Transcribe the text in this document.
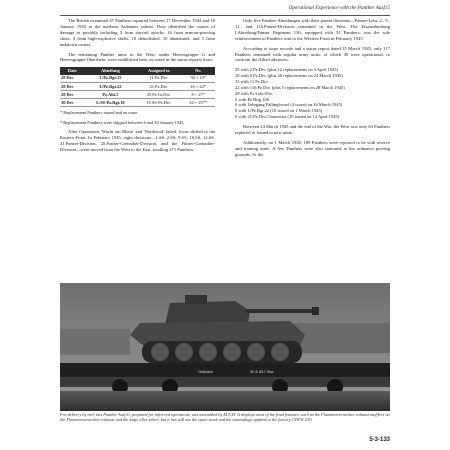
Operational Experience with the Panther Ausf.G

The British examined 47 Panthers captured between 17 December 1944 and 16 January 1945 in the northern Ardennes salient. They identified the causes of damage as possibly including 3 from aircraft attacks, 16 from armour-piercing shots, 3 from high-explosive shells, 10 demolished, 10 abandoned, and 5 from unknown causes.

The remaining Panther units in the West, under Heeresgruppe G and Heeresgruppe Oberrhein, were established here, as noted in the status reports from:

Date	Abteilung	Assigned to	Nr.
28 Dec	I./Pz.Rgt.15	11.Pz.Div.	58 + 10*
28 Dec	I./Pz.Rgt.22	21.Pz.Div.	16 + 22*
28 Dec	Pz.Abt.5	25.Pz.Gr.Div.	8 + 27*
30 Dec	I./SS-Pz.Rgt.10	10.SS-Pz.Div.	34 + 25**
* Replacement Panthers issued and en route.

* Replacement Panthers were shipped between 6 and 10 January 1945.

After Operations 'Wacht am Rhein' and 'Nordwind' failed, focus shifted to the Eastern Front. In February 1945, eight divisions—1.SS, 2.SS, 9.SS, 10.SS, 12.SS, 21.Panzer-Division, 25.Panzer-Grenadier-Division, and the Führer-Grenadier-Division—were moved from the West to the East, totalling 271 Panthers.

Only five Panther-Abteilungen with their parent divisions—Panzer-Lehr, 2., 9., 11., and 116.Panzer-Division—remained in the West. The Ersatzabteilung I.Abteilung/Panzer Regiment 130, equipped with 31 Panthers, was the sole reinforcement of Panthers sent to the Western Front in February 1945.

According to issue records and a status report dated 15 March 1945, only 117 Panthers remained with regular army units, of which 49 were operational, to confront the Allied advances.

35 with 2.Pz.Div. (plus 12 replacements on 3 April 1945)
18 with 9.Pz.Div. (plus 20 replacements on 24 March 1945)
33 with 11.Pz.Div.
22 with 116.Pz.Div. (plus 5 replacements on 28 March 1945)
29 with Pz.Lehr-Div.
5 with Pz.Brig.106
0 with Lehrgang Fallingbostel (4 issued on 16 March 1945)
0 with I./Pz.Rgt.22 (10 issued on 1 March 1945)
0 with 25.Pz.Div.Clausewitz (10 issued on 14 April 1945)

Between 24 March 1945 and the end of the War, the West saw only 63 Panthers replaced or issued to new units.

Additionally, on 1 March 1945, 189 Panthers were reported to be with reserve and training units. A few Panthers were also stationed at the ordnance proving grounds. At the

Ostbahn	30 6 857 Stw
For delivery by rail, this Panther Ausf.G, prepared for infra-red operations, was assembled by M.N.H. It displays most of the final features, such as the Flammenvernichter exhaust mufflers on the Flammenvernichter exhaust and the large idler wheel, but it has still not the spare track and the camouflage applied at the factory. (NWW 2/0)
5-3-133
